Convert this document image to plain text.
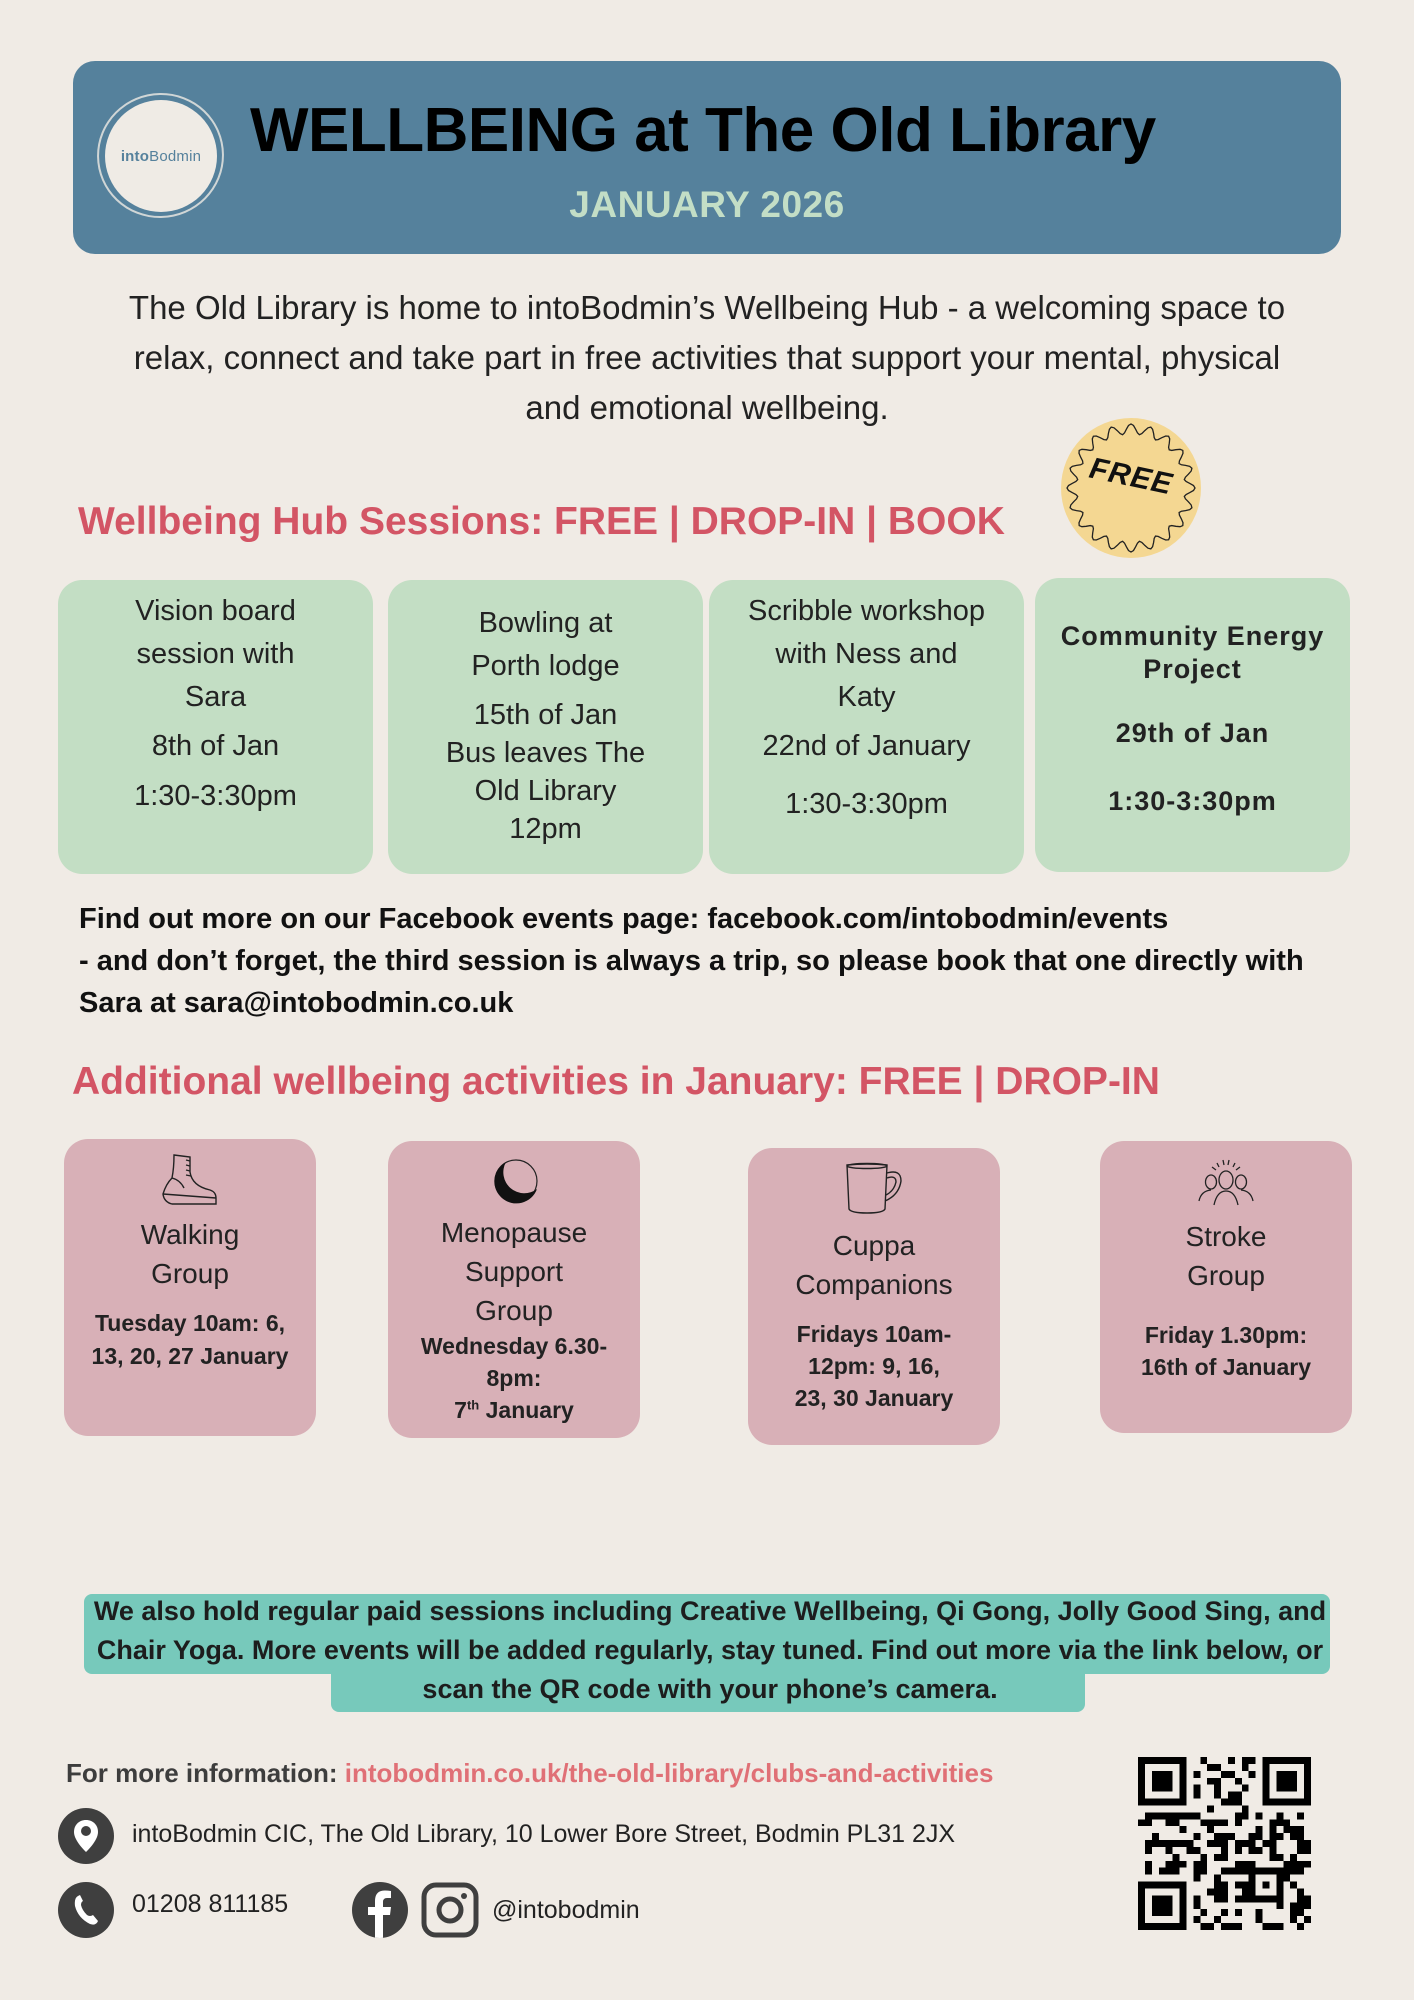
into Bodmin WELLBEING at The Old Library
JANUARY 2026
The Old Library is home to intoBodmin’s Wellbeing Hub - a welcoming space to relax, connect and take part in free activities that support your mental, physical and emotional wellbeing.
FREE
Wellbeing Hub Sessions: FREE | DROP-IN | BOOK
Vision board session with Sara
8th of Jan
1:30-3:30pm
Bowling at Porth lodge
15th of Jan
Bus leaves The Old Library 12pm
Scribble workshop with Ness and Katy
22nd of January
1:30-3:30pm
Community Energy Project
29th of Jan
1:30-3:30pm
Find out more on our Facebook events page: facebook.com/intobodmin/events
- and don’t forget, the third session is always a trip, so please book that one directly with Sara at sara@intobodmin.co.uk
Additional wellbeing activities in January: FREE | DROP-IN
Walking Group
Tuesday 10am: 6, 13, 20, 27 January
Menopause Support Group
Wednesday 6.30-8pm:
7th January
Cuppa Companions
Fridays 10am-12pm: 9, 16, 23, 30 January
Stroke Group
Friday 1.30pm: 16th of January
We also hold regular paid sessions including Creative Wellbeing, Qi Gong, Jolly Good Sing, and Chair Yoga. More events will be added regularly, stay tuned. Find out more via the link below, or scan the QR code with your phone’s camera.
For more information: intobodmin.co.uk/the-old-library/clubs-and-activities
intoBodmin CIC, The Old Library, 10 Lower Bore Street, Bodmin PL31 2JX
01208 811185	@intobodmin
